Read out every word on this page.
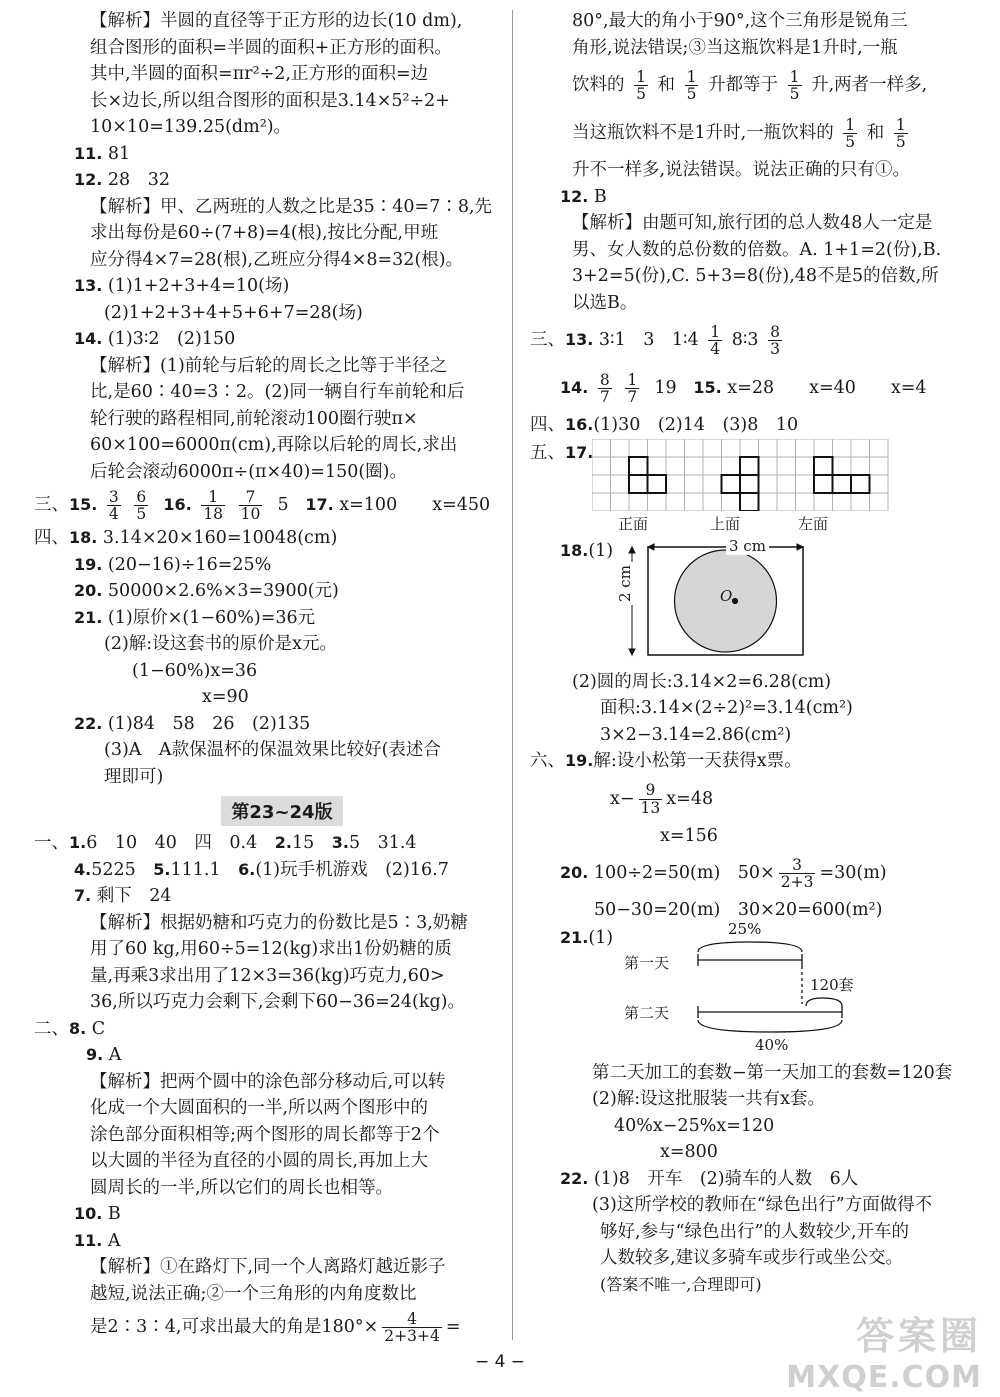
【解析】半圆的直径等于正方形的边长(10 dm),
组合图形的面积=半圆的面积+正方形的面积。
其中,半圆的面积=πr²÷2,正方形的面积=边
长×边长,所以组合图形的面积是3.14×5²÷2+
10×10=139.25(dm²)。
11. 81
12. 28　32
【解析】甲、乙两班的人数之比是35∶40=7∶8,先
求出每份是60÷(7+8)=4(根),按比分配,甲班
应分得4×7=28(根),乙班应分得4×8=32(根)。
13. (1)1+2+3+4=10(场)
(2)1+2+3+4+5+6+7=28(场)
14. (1)3∶2　(2)150
【解析】(1)前轮与后轮的周长之比等于半径之
比,是60∶40=3∶2。(2)同一辆自行车前轮和后
轮行驶的路程相同,前轮滚动100圈行驶π×
60×100=6000π(cm),再除以后轮的周长,求出
后轮会滚动6000π÷(π×40)=150(圈)。
三、15. $\frac{3}{4}$
$\frac{6}{5} 16$. $\frac{1}{18}$
$\frac{7}{10} 5$ 17. x=100　　x=450
四、18. 3.14×20×160=10048(cm)
19. (20−16)÷16=25%
20. 50000×2.6%×3=3900(元)
21. (1)原价×(1−60%)=36元
(2)解:设这套书的原价是x元。
(1−60%)x=36
x=90
22. (1)84　58　26　(2)135
(3)A　A款保温杯的保温效果比较好(表述合
理即可)
第23~24版
一、1.6　10　40　四　0.4　2.15　3.5　31.4
4.5225　5.111.1　6.(1)玩手机游戏　(2)16.7
7. 剩下　24
【解析】根据奶糖和巧克力的份数比是5∶3,奶糖
用了60 kg,用60÷5=12(kg)求出1份奶糖的质
量,再乘3求出用了12×3=36(kg)巧克力,60>
36,所以巧克力会剩下,会剩下60−36=24(kg)。
二、8. C
9. A
【解析】把两个圆中的涂色部分移动后,可以转
化成一个大圆面积的一半,所以两个图形中的
涂色部分面积相等;两个图形的周长都等于2个
以大圆的半径为直径的小圆的周长,再加上大
圆周长的一半,所以它们的周长也相等。
10. B
11. A
【解析】①在路灯下,同一个人离路灯越近影子
越短,说法正确;②一个三角形的内角度数比
是2∶3∶4,可求出最大的角是$180^\circ\times \frac{4}{2+3+4}$ =
80°,最大的角小于90°,这个三角形是锐角三
角形,说法错误;③当这瓶饮料是1升时,一瓶
饮料的 $\frac{1}{5}$ 和 $\frac{1}{5}$ 升都等于 $\frac{1}{5}$ 升,两者一样多,
当这瓶饮料不是1升时,一瓶饮料的 $\frac{1}{5}$ 和 $\frac{1}{5}$
升不一样多,说法错误。说法正确的只有①。
12. B
【解析】由题可知,旅行团的总人数48人一定是
男、女人数的总份数的倍数。A. 1+1=2(份),B.
3+2=5(份),C. 5+3=8(份),48不是5的倍数,所
以选B。
三、13. 3∶1　3　1∶4 $\frac{1}{4}$ 8∶3 $\frac{8}{3}$
14. $\frac{8}{7}$
$\frac{1}{7} 19$ 15. x=28　　x=40　　x=4
四、16.(1)30　(2)14　(3)8　10
五、17.
正面	上面	左面
18.(1)	3 cm
2 cm	O
(2)圆的周长:3.14×2=6.28(cm)
面积:3.14×(2÷2)²=3.14(cm²)
3×2−3.14=2.86(cm²)
六、19.解:设小松第一天获得x票。
$x- \frac{9}{13} x=48$
x=156
20. 100÷2=50(m)　$50\times \frac{3}{2+3} =30(m)$
50−30=20(m)　30×20=600(m²)
21.(1)	25%
第一天
120套
第二天
40%
第二天加工的套数−第一天加工的套数=120套
(2)解:设这批服装一共有x套。
40%x−25%x=120
x=800
22. (1)8　开车　(2)骑车的人数　6人
(3)这所学校的教师在“绿色出行”方面做得不
够好,参与“绿色出行”的人数较少,开车的
人数较多,建议多骑车或步行或坐公交。
(答案不唯一,合理即可)
− 4 −
答案圈
MXQE.COM
